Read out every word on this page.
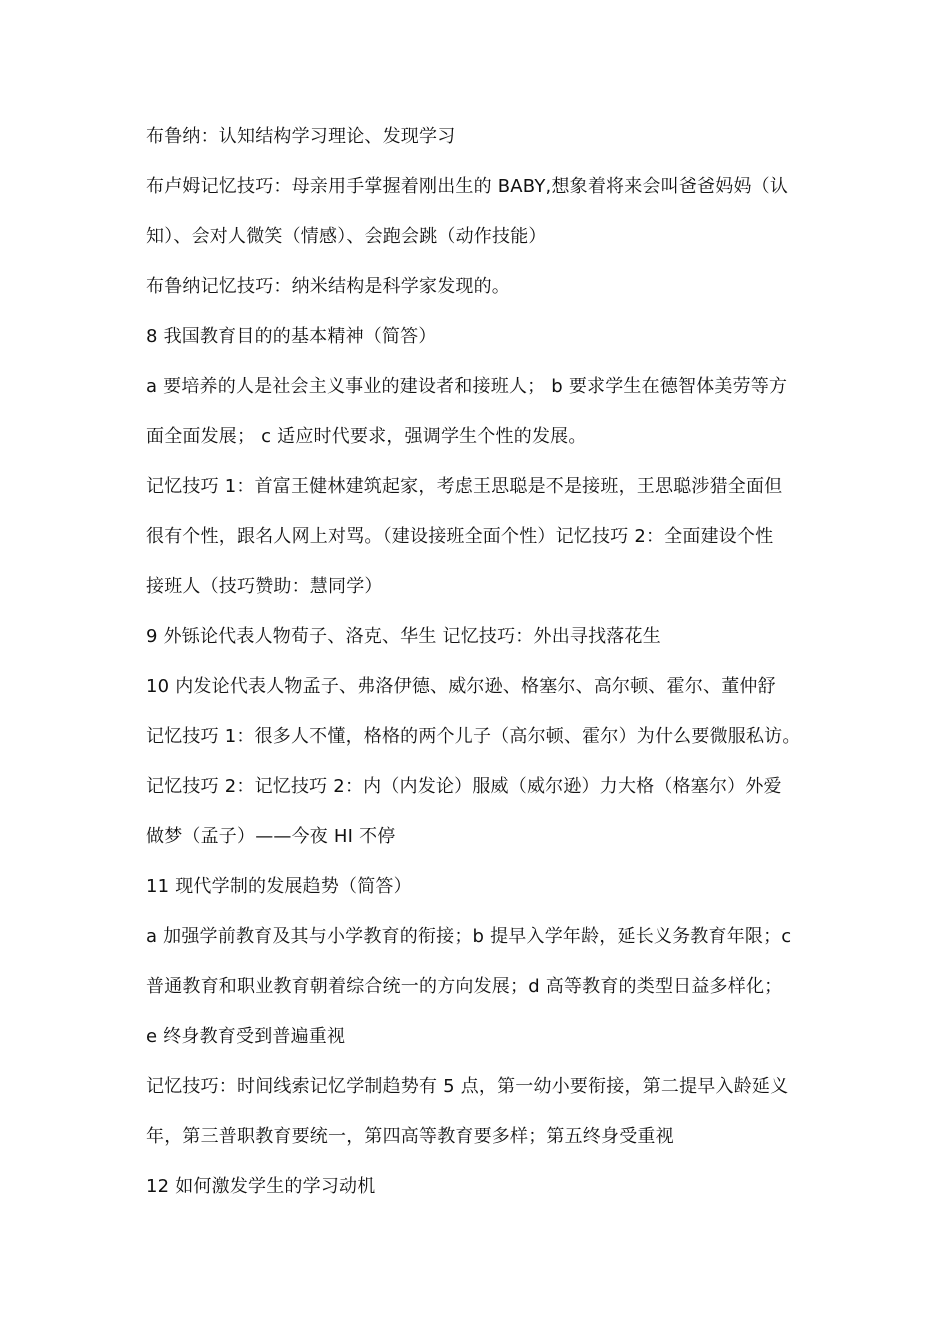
布鲁纳：认知结构学习理论、发现学习
布卢姆记忆技巧：母亲用手掌握着刚出生的 BABY,想象着将来会叫爸爸妈妈（认
知）、会对人微笑（情感）、会跑会跳（动作技能）
布鲁纳记忆技巧：纳米结构是科学家发现的。
8 我国教育目的的基本精神（简答）
a 要培养的人是社会主义事业的建设者和接班人； b 要求学生在德智体美劳等方
面全面发展； c 适应时代要求，强调学生个性的发展。
记忆技巧 1：首富王健林建筑起家，考虑王思聪是不是接班，王思聪涉猎全面但
很有个性，跟名人网上对骂。（建设接班全面个性）记忆技巧 2：全面建设个性
接班人（技巧赞助：慧同学）
9 外铄论代表人物荀子、洛克、华生 记忆技巧：外出寻找落花生
10 内发论代表人物孟子、弗洛伊德、威尔逊、格塞尔、高尔顿、霍尔、董仲舒
记忆技巧 1：很多人不懂，格格的两个儿子（高尔顿、霍尔）为什么要微服私访。
记忆技巧 2：记忆技巧 2：内（内发论）服威（威尔逊）力大格（格塞尔）外爱
做梦（孟子）——今夜 HI 不停
11 现代学制的发展趋势（简答）
a 加强学前教育及其与小学教育的衔接；b 提早入学年龄，延长义务教育年限；c
普通教育和职业教育朝着综合统一的方向发展；d 高等教育的类型日益多样化；
e 终身教育受到普遍重视
记忆技巧：时间线索记忆学制趋势有 5 点，第一幼小要衔接，第二提早入龄延义
年，第三普职教育要统一，第四高等教育要多样；第五终身受重视
12 如何激发学生的学习动机
